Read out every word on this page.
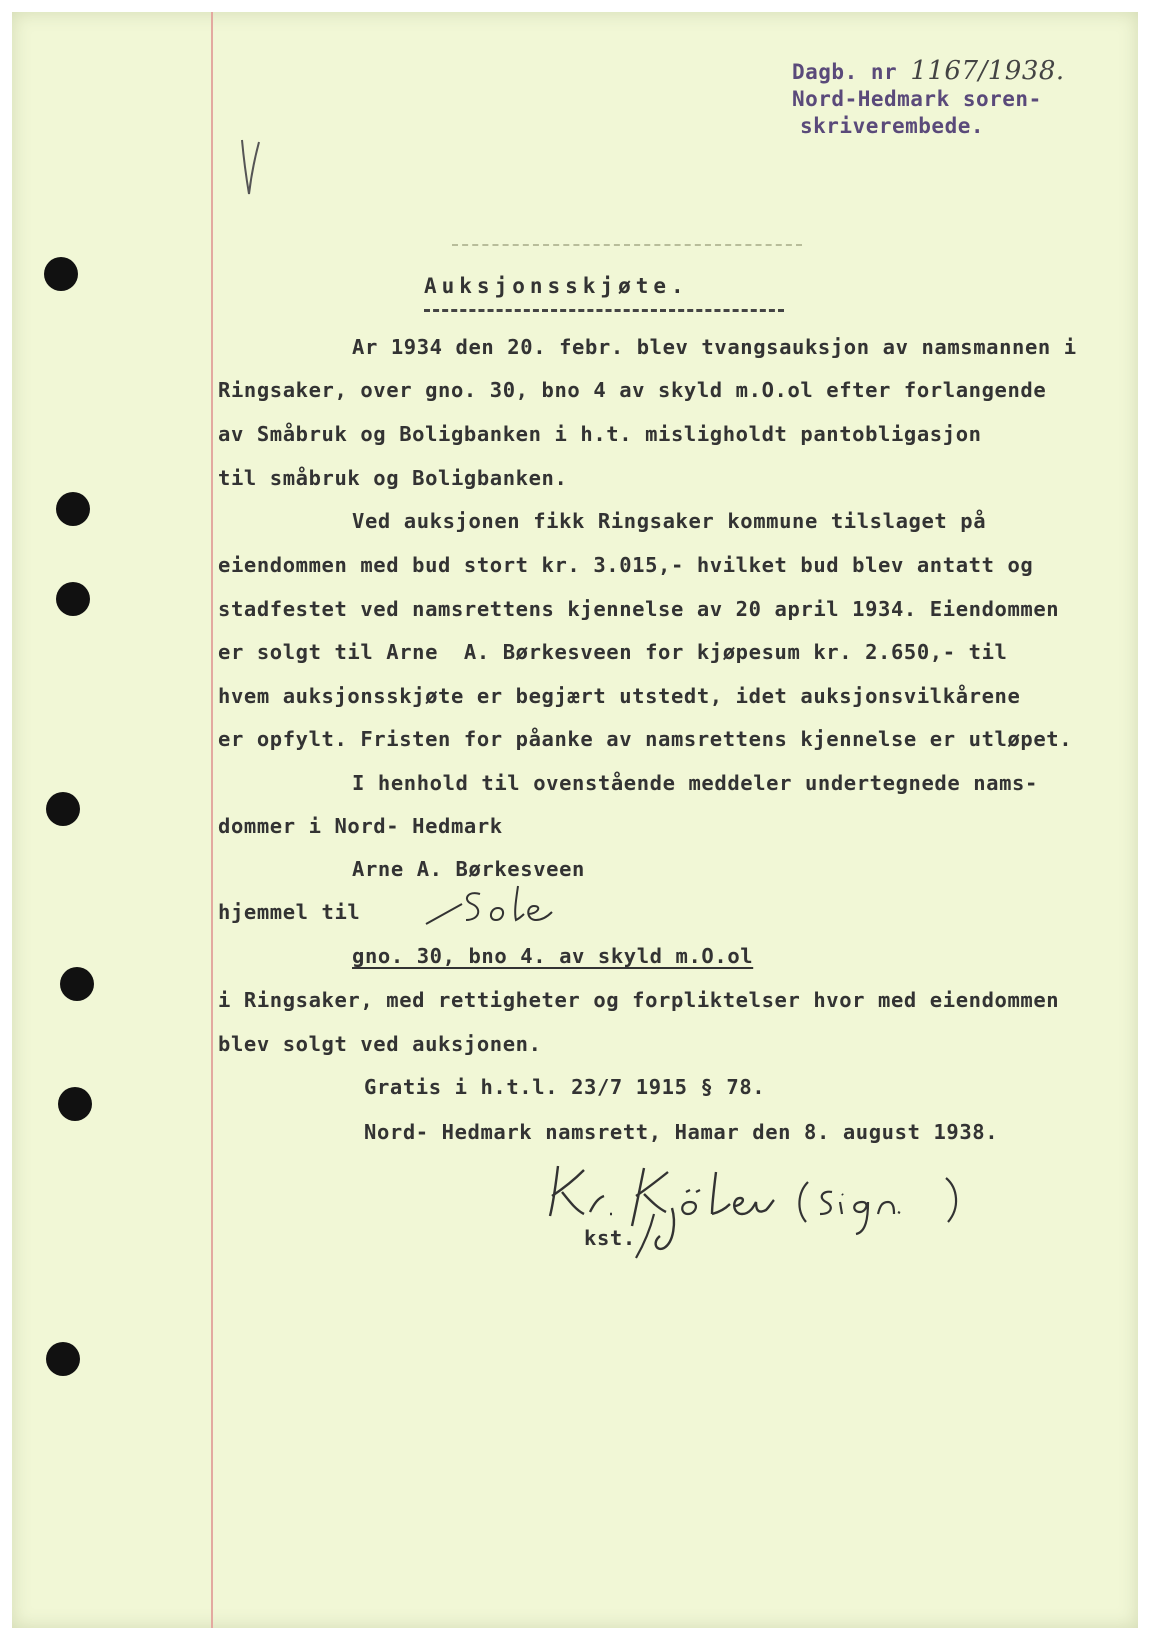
Dagb. nr 1167/1938.
Nord-Hedmark soren-
skriverembede.
Auksjonsskjøte.
Ar 1934 den 20. febr. blev tvangsauksjon av namsmannen i
Ringsaker, over gno. 30, bno 4 av skyld m.O.ol efter forlangende
av Småbruk og Boligbanken i h.t. misligholdt pantobligasjon
til småbruk og Boligbanken.
Ved auksjonen fikk Ringsaker kommune tilslaget på
eiendommen med bud stort kr. 3.015,- hvilket bud blev antatt og
stadfestet ved namsrettens kjennelse av 20 april 1934. Eiendommen
er solgt til Arne  A. Børkesveen for kjøpesum kr. 2.650,- til
hvem auksjonsskjøte er begjært utstedt, idet auksjonsvilkårene
er opfylt. Fristen for påanke av namsrettens kjennelse er utløpet.
I henhold til ovenstående meddeler undertegnede nams-
dommer i Nord- Hedmark
Arne A. Børkesveen
hjemmel til
gno. 30, bno 4. av skyld m.O.ol
i Ringsaker, med rettigheter og forpliktelser hvor med eiendommen
blev solgt ved auksjonen.
Gratis i h.t.l. 23/7 1915 § 78.
Nord- Hedmark namsrett, Hamar den 8. august 1938.
kst.
